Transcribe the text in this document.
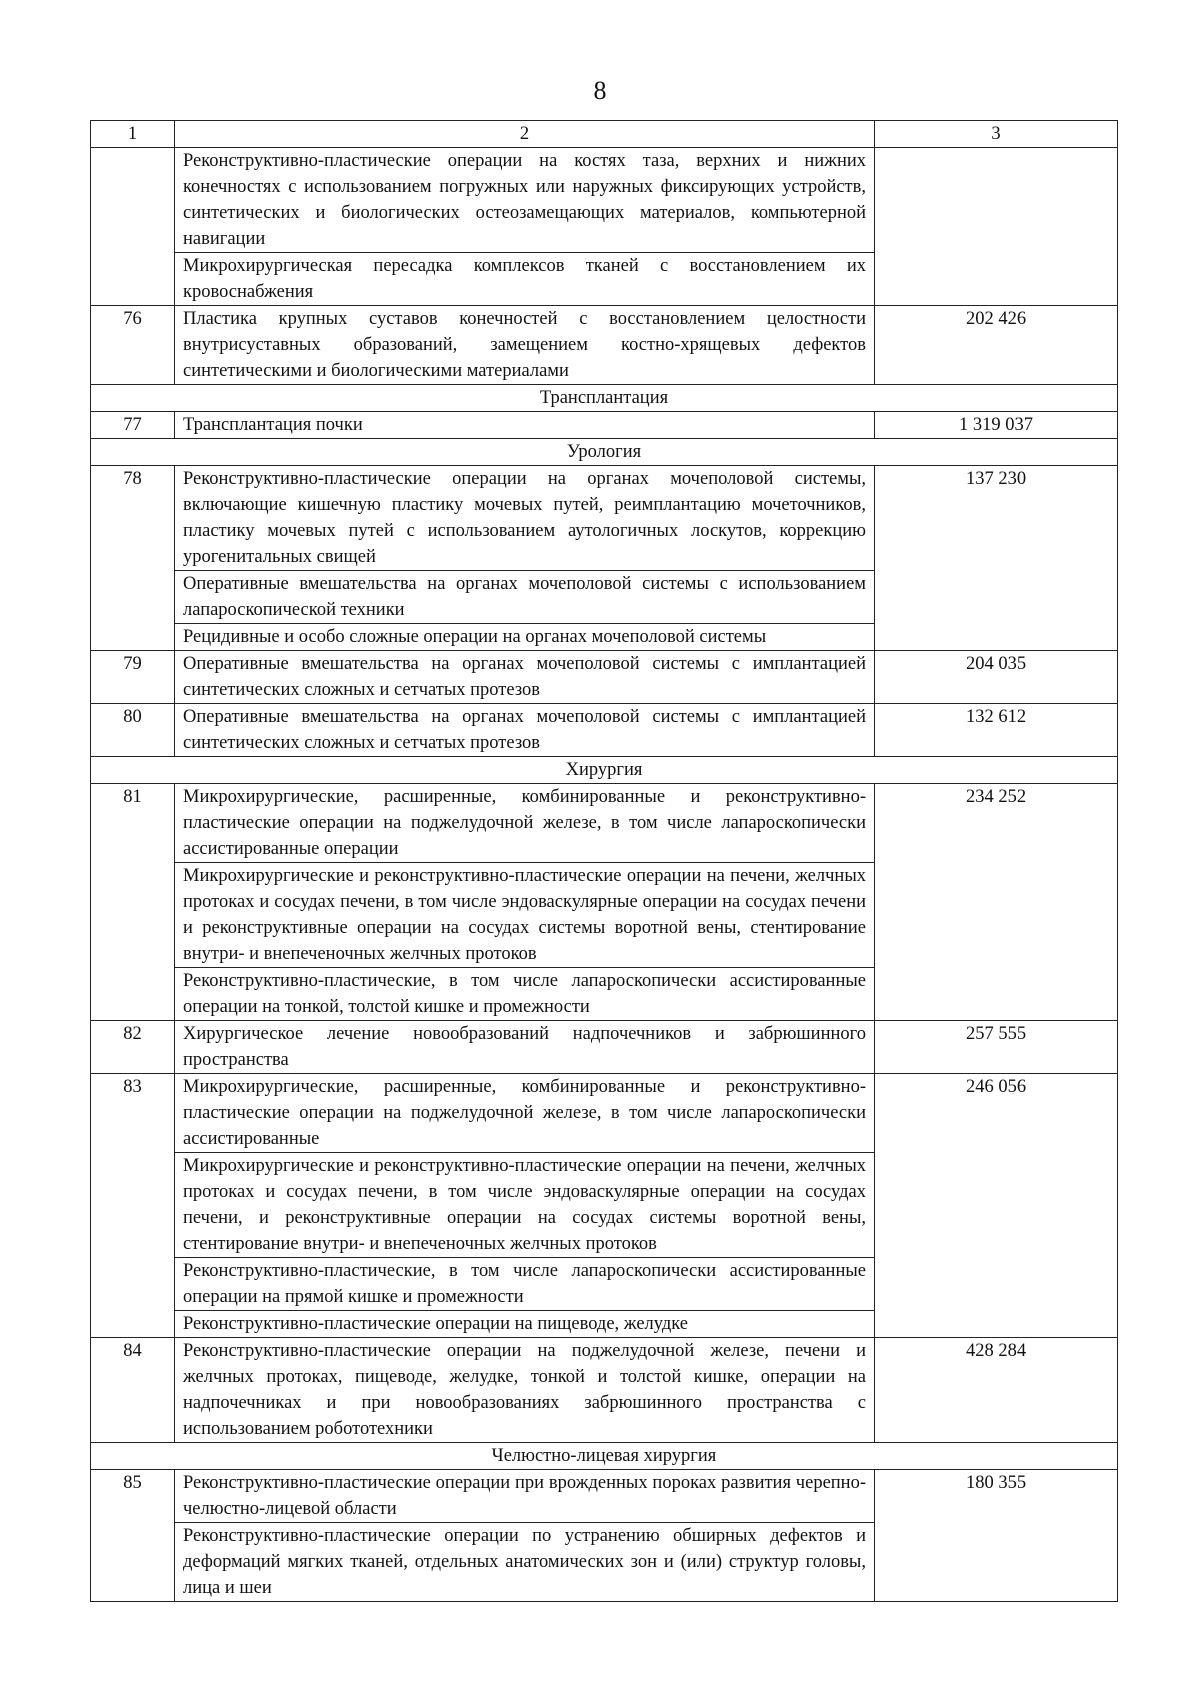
8
1	2	3
	Реконструктивно-пластические операции на костях таза, верхних и нижних конечностях с использованием погружных или наружных фиксирующих устройств, синтетических и биологических остеозамещающих материалов, компьютерной навигации	
	Микрохирургическая пересадка комплексов тканей с восстановлением их кровоснабжения	
76	Пластика крупных суставов конечностей с восстановлением целостности внутрисуставных образований, замещением костно-хрящевых дефектов синтетическими и биологическими материалами	202 426
Трансплантация		
77	Трансплантация почки	1 319 037
Урология		
78	Реконструктивно-пластические операции на органах мочеполовой системы, включающие кишечную пластику мочевых путей, реимплантацию мочеточников, пластику мочевых путей с использованием аутологичных лоскутов, коррекцию урогенитальных свищей	137 230
	Оперативные вмешательства на органах мочеполовой системы с использованием лапароскопической техники	
	Рецидивные и особо сложные операции на органах мочеполовой системы	
79	Оперативные вмешательства на органах мочеполовой системы с имплантацией синтетических сложных и сетчатых протезов	204 035
80	Оперативные вмешательства на органах мочеполовой системы с имплантацией синтетических сложных и сетчатых протезов	132 612
Хирургия		
81	Микрохирургические, расширенные, комбинированные и реконструктивно-пластические операции на поджелудочной железе, в том числе лапароскопически ассистированные операции	234 252
	Микрохирургические и реконструктивно-пластические операции на печени, желчных протоках и сосудах печени, в том числе эндоваскулярные операции на сосудах печени и реконструктивные операции на сосудах системы воротной вены, стентирование внутри- и внепеченочных желчных протоков	
	Реконструктивно-пластические, в том числе лапароскопически ассистированные операции на тонкой, толстой кишке и промежности	
82	Хирургическое лечение новообразований надпочечников и забрюшинного пространства	257 555
83	Микрохирургические, расширенные, комбинированные и реконструктивно-пластические операции на поджелудочной железе, в том числе лапароскопически ассистированные	246 056
	Микрохирургические и реконструктивно-пластические операции на печени, желчных протоках и сосудах печени, в том числе эндоваскулярные операции на сосудах печени, и реконструктивные операции на сосудах системы воротной вены, стентирование внутри- и внепеченочных желчных протоков	
	Реконструктивно-пластические, в том числе лапароскопически ассистированные операции на прямой кишке и промежности	
	Реконструктивно-пластические операции на пищеводе, желудке	
84	Реконструктивно-пластические операции на поджелудочной железе, печени и желчных протоках, пищеводе, желудке, тонкой и толстой кишке, операции на надпочечниках и при новообразованиях забрюшинного пространства с использованием робототехники	428 284
Челюстно-лицевая хирургия		
85	Реконструктивно-пластические операции при врожденных пороках развития черепно-челюстно-лицевой области	180 355
	Реконструктивно-пластические операции по устранению обширных дефектов и деформаций мягких тканей, отдельных анатомических зон и (или) структур головы, лица и шеи	
